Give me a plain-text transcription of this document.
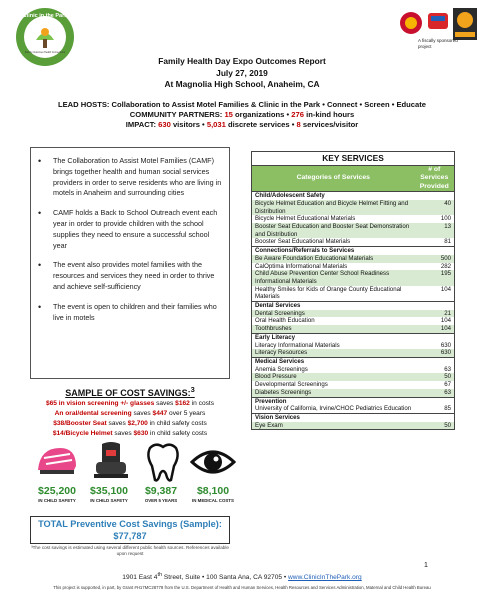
Clinic in the Park
Family Outcomes Health Connections
A fiscally sponsored project
Family Health Day Expo Outcomes Report
July 27, 2019
At Magnolia High School, Anaheim, CA
LEAD HOSTS: Collaboration to Assist Motel Families & Clinic in the Park • Connect • Screen • Educate
COMMUNITY PARTNERS: 15 organizations • 276 in-kind hours
IMPACT: 630 visitors • 5,031 discrete services • 8 services/visitor
• The Collaboration to Assist Motel Families (CAMF) brings together health and human social services providers in order to serve residents who are living in motels in Anaheim and surrounding cities
• CAMF holds a Back to School Outreach event each year in order to provide children with the school supplies they need to ensure a successful school year
• The event also provides motel families with the resources and services they need in order to thrive and achieve self-sufficiency
• The event is open to children and their families who live in motels
SAMPLE OF COST SAVINGS:$^3$
$65 in vision screening +/- glasses saves $162 in costs
An oral/dental screening saves $447 over 5 years
$38/Booster Seat saves $2,700 in child safety costs
$14/Bicycle Helmet saves $630 in child safety costs
$25,200
IN CHILD SAFETY
$35,100
IN CHILD SAFETY
$9,387
OVER 5 YEARS
$8,100
IN MEDICAL COSTS
TOTAL Preventive Cost Savings (Sample):
$77,787
³The cost savings is estimated using several different public health sources. References available upon request
KEY SERVICES	
Categories of Services	# of Services Provided
Child/Adolescent Safety	
Bicycle Helmet Education and Bicycle Helmet Fitting and Distribution	40
Bicycle Helmet Educational Materials	100
Booster Seat Education and Booster Seat Demonstration and Distribution	13
Booster Seat Educational Materials	81
Connections/Referrals to Services	
Be Aware Foundation Educational Materials	500
CalOptima Informational Materials	282
Child Abuse Prevention Center School Readiness Informational Materials	195
Healthy Smiles for Kids of Orange County Educational Materials	104
Dental Services	
Dental Screenings	21
Oral Health Education	104
Toothbrushes	104
Early Literacy	
Literacy Informational Materials	630
Literacy Resources	630
Medical Services	
Anemia Screenings	63
Blood Pressure	50
Developmental Screenings	67
Diabetes Screenings	63
Prevention	
University of California, Irvine/CHOC Pediatrics Education	85
Vision Services	
Eye Exam	50
1
1901 East 4th Street, Suite • 100 Santa Ana, CA 92705 • www.ClinicInThePark.org
This project is supported, in part, by Grant #H17MC28778 from the U.S. Department of Health and Human Services, Health Resources and Services Administration, Maternal and Child Health Bureau
